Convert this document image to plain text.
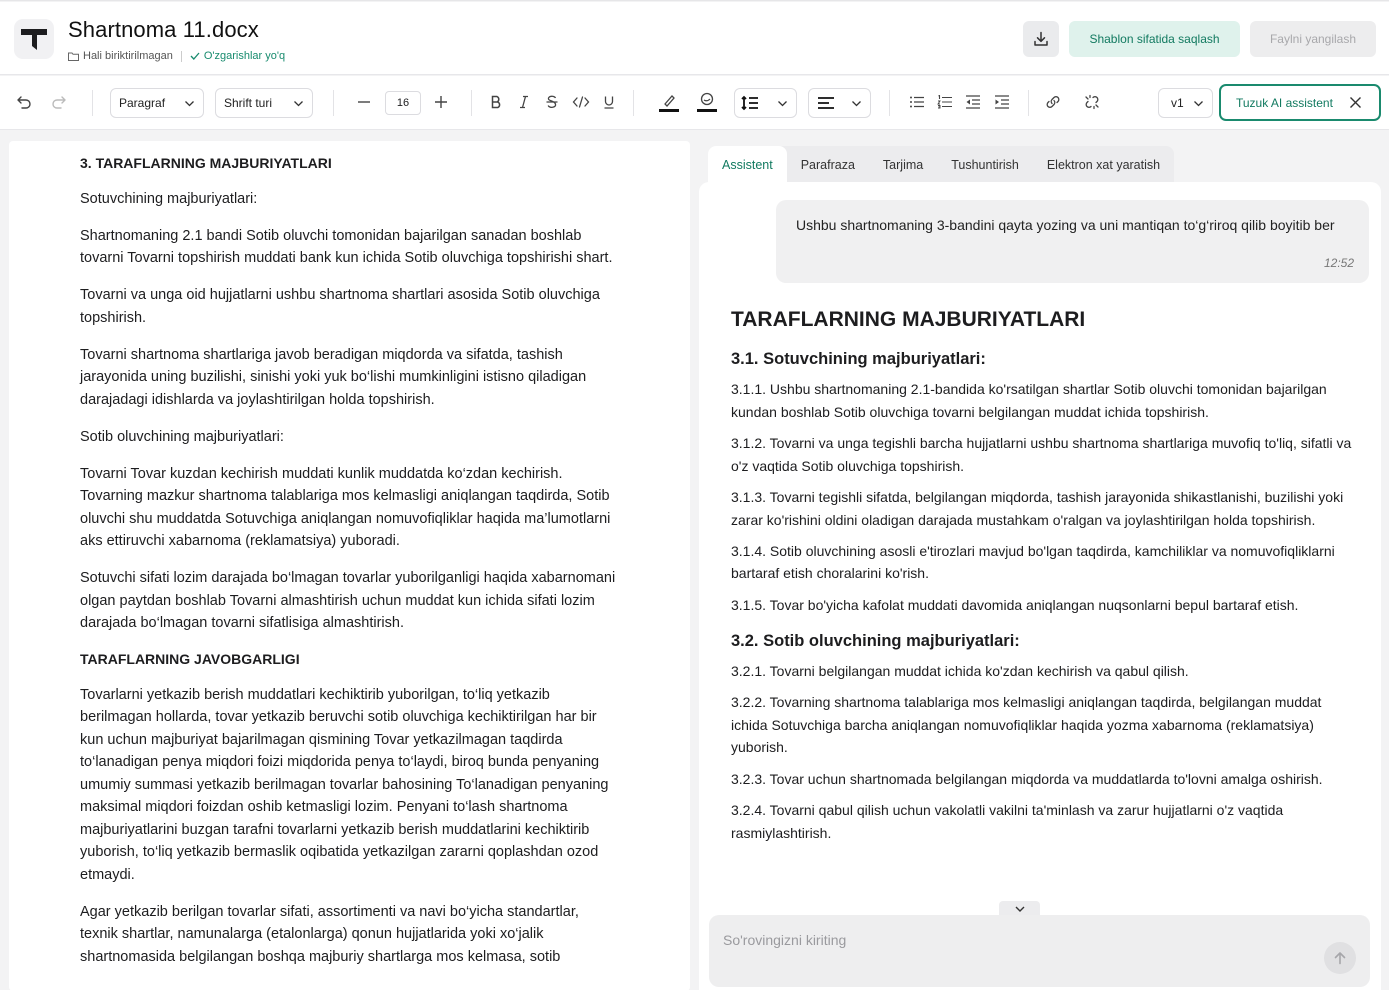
Shartnoma 11.docx
Hali biriktirilmagan	O'zgarishlar yo'q
Shablon sifatida saqlash	Faylni yangilash
Paragraf	Shrift turi	16	v1	Tuzuk AI assistent
3. TARAFLARNING MAJBURIYATLARI

Sotuvchining majburiyatlari:

Shartnomaning 2.1 bandi Sotib oluvchi tomonidan bajarilgan sanadan boshlab tovarni Tovarni topshirish muddati bank kun ichida Sotib oluvchiga topshirishi shart.

Tovarni va unga oid hujjatlarni ushbu shartnoma shartlari asosida Sotib oluvchiga topshirish.

Tovarni shartnoma shartlariga javob beradigan miqdorda va sifatda, tashish jarayonida uning buzilishi, sinishi yoki yuk bo‘lishi mumkinligini istisno qiladigan darajadagi idishlarda va joylashtirilgan holda topshirish.

Sotib oluvchining majburiyatlari:

Tovarni Tovar kuzdan kechirish muddati kunlik muddatda ko‘zdan kechirish. Tovarning mazkur shartnoma talablariga mos kelmasligi aniqlangan taqdirda, Sotib oluvchi shu muddatda Sotuvchiga aniqlangan nomuvofiqliklar haqida ma’lumotlarni aks ettiruvchi xabarnoma (reklamatsiya) yuboradi.

Sotuvchi sifati lozim darajada bo‘lmagan tovarlar yuborilganligi haqida xabarnomani olgan paytdan boshlab Tovarni almashtirish uchun muddat kun ichida sifati lozim darajada bo‘lmagan tovarni sifatlisiga almashtirish.

TARAFLARNING JAVOBGARLIGI

Tovarlarni yetkazib berish muddatlari kechiktirib yuborilgan, to‘liq yetkazib berilmagan hollarda, tovar yetkazib beruvchi sotib oluvchiga kechiktirilgan har bir kun uchun majburiyat bajarilmagan qismining Tovar yetkazilmagan taqdirda to‘lanadigan penya miqdori foizi miqdorida penya to‘laydi, biroq bunda penyaning umumiy summasi yetkazib berilmagan tovarlar bahosining To‘lanadigan penyaning maksimal miqdori foizdan oshib ketmasligi lozim. Penyani to‘lash shartnoma majburiyatlarini buzgan tarafni tovarlarni yetkazib berish muddatlarini kechiktirib yuborish, to‘liq yetkazib bermaslik oqibatida yetkazilgan zararni qoplashdan ozod etmaydi.

Agar yetkazib berilgan tovarlar sifati, assortimenti va navi bo‘yicha standartlar, texnik shartlar, namunalarga (etalonlarga) qonun hujjatlarida yoki xo‘jalik shartnomasida belgilangan boshqa majburiy shartlarga mos kelmasa, sotib

Assistent	Parafraza	Tarjima	Tushuntirish	Elektron xat yaratish
Ushbu shartnomaning 3-bandini qayta yozing va uni mantiqan to‘g‘riroq qilib boyitib ber
12:52
TARAFLARNING MAJBURIYATLARI
3.1. Sotuvchining majburiyatlari:

3.1.1. Ushbu shartnomaning 2.1-bandida ko'rsatilgan shartlar Sotib oluvchi tomonidan bajarilgan kundan boshlab Sotib oluvchiga tovarni belgilangan muddat ichida topshirish.

3.1.2. Tovarni va unga tegishli barcha hujjatlarni ushbu shartnoma shartlariga muvofiq to'liq, sifatli va o'z vaqtida Sotib oluvchiga topshirish.

3.1.3. Tovarni tegishli sifatda, belgilangan miqdorda, tashish jarayonida shikastlanishi, buzilishi yoki zarar ko'rishini oldini oladigan darajada mustahkam o'ralgan va joylashtirilgan holda topshirish.

3.1.4. Sotib oluvchining asosli e'tirozlari mavjud bo'lgan taqdirda, kamchiliklar va nomuvofiqliklarni bartaraf etish choralarini ko'rish.

3.1.5. Tovar bo'yicha kafolat muddati davomida aniqlangan nuqsonlarni bepul bartaraf etish.

3.2. Sotib oluvchining majburiyatlari:

3.2.1. Tovarni belgilangan muddat ichida ko'zdan kechirish va qabul qilish.

3.2.2. Tovarning shartnoma talablariga mos kelmasligi aniqlangan taqdirda, belgilangan muddat ichida Sotuvchiga barcha aniqlangan nomuvofiqliklar haqida yozma xabarnoma (reklamatsiya) yuborish.

3.2.3. Tovar uchun shartnomada belgilangan miqdorda va muddatlarda to'lovni amalga oshirish.

3.2.4. Tovarni qabul qilish uchun vakolatli vakilni ta'minlash va zarur hujjatlarni o'z vaqtida rasmiylashtirish.

So'rovingizni kiriting
